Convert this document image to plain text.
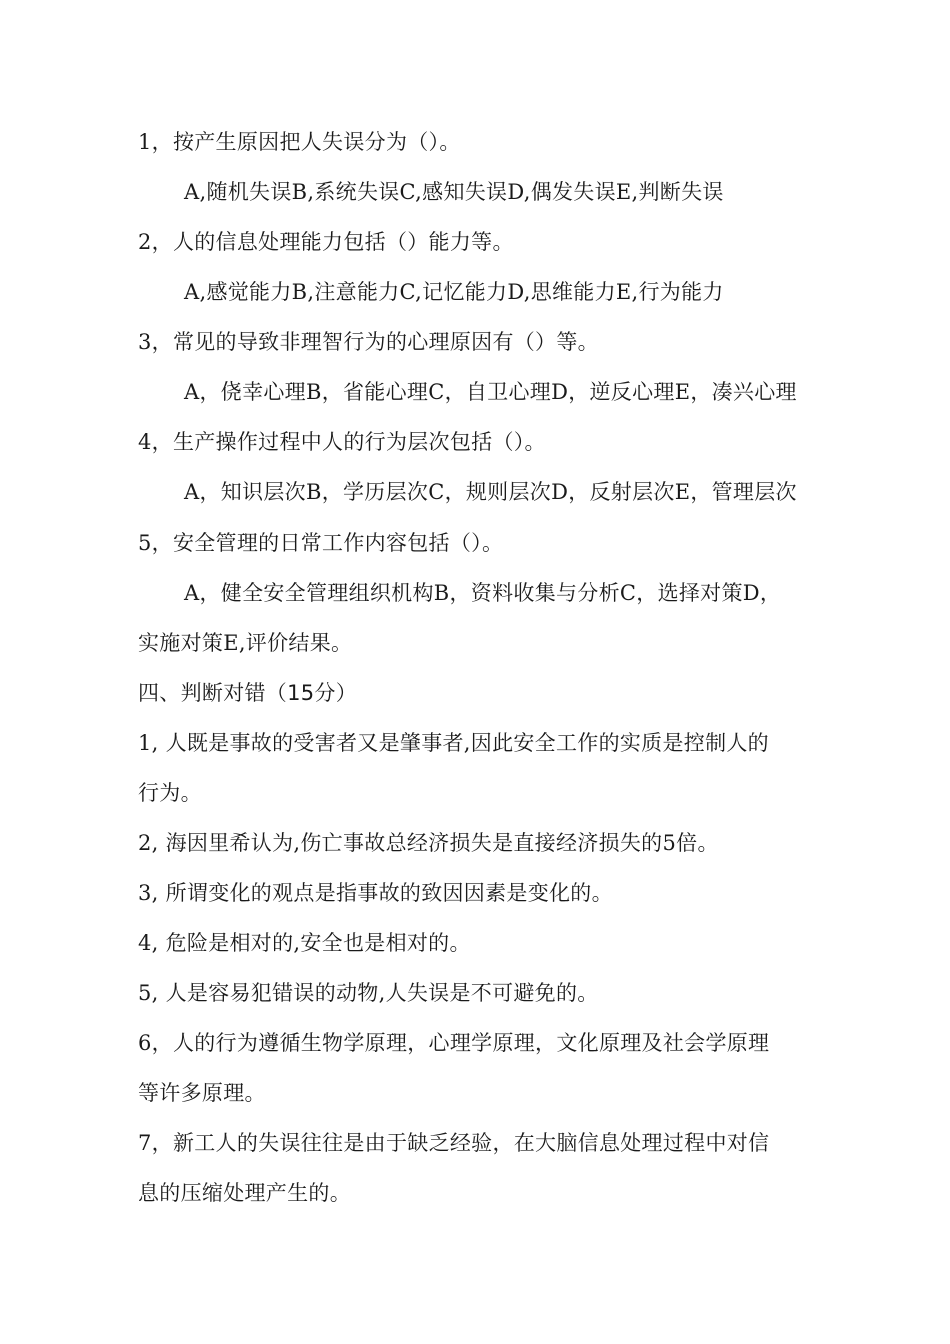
1，按产生原因把人失误分为（）。
A,随机失误B,系统失误C,感知失误D,偶发失误E,判断失误
2，人的信息处理能力包括（）能力等。
A,感觉能力B,注意能力C,记忆能力D,思维能力E,行为能力
3，常见的导致非理智行为的心理原因有（）等。
A，侥幸心理B，省能心理C，自卫心理D，逆反心理E，凑兴心理
4，生产操作过程中人的行为层次包括（）。
A，知识层次B，学历层次C，规则层次D，反射层次E，管理层次
5，安全管理的日常工作内容包括（）。
A，健全安全管理组织机构B，资料收集与分析C，选择对策D，
实施对策E,评价结果。
四、判断对错（15分）
1, 人既是事故的受害者又是肇事者,因此安全工作的实质是控制人的
行为。
2, 海因里希认为,伤亡事故总经济损失是直接经济损失的5倍。
3, 所谓变化的观点是指事故的致因因素是变化的。
4, 危险是相对的,安全也是相对的。
5, 人是容易犯错误的动物,人失误是不可避免的。
6，人的行为遵循生物学原理，心理学原理，文化原理及社会学原理
等许多原理。
7，新工人的失误往往是由于缺乏经验，在大脑信息处理过程中对信
息的压缩处理产生的。
